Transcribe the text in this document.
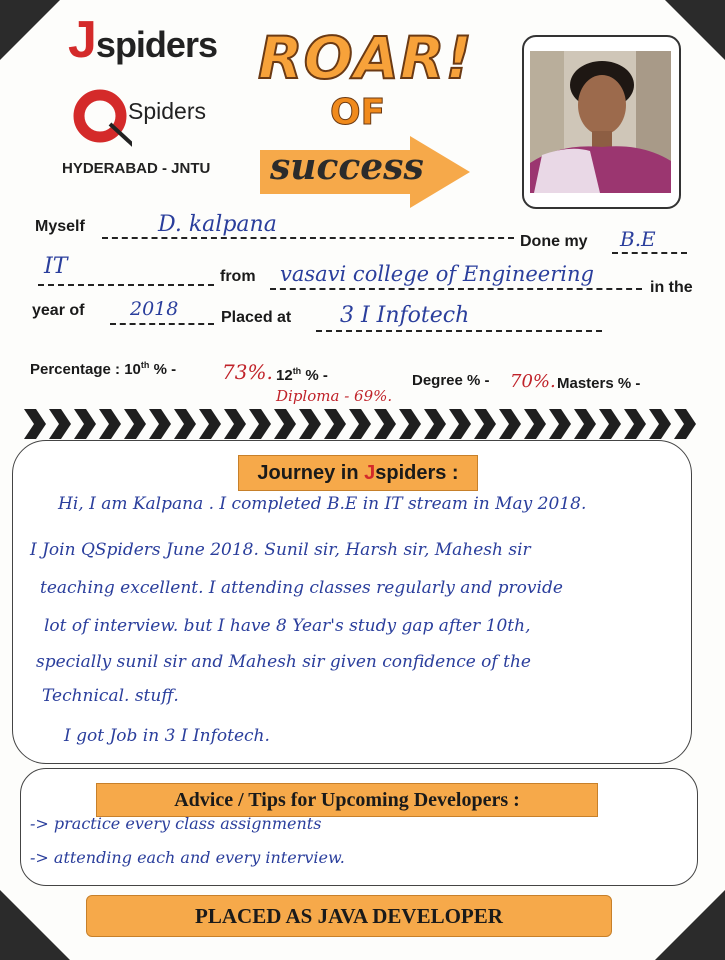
Jspiders
Spiders
HYDERABAD - JNTU
ROAR!
OF
success
Myself	D. kalpana
Done my B.E
IT	from vasavi college of Engineering
in the
year of 2018	Placed at 3 I Infotech
Percentage : 10th % - 73%. 12th % -
Diploma - 69%.
Degree % - 70%. Masters % -
Journey in Jspiders :
Hi, I am Kalpana . I completed B.E in IT stream in May 2018.
I Join QSpiders June 2018. Sunil sir, Harsh sir, Mahesh sir
teaching excellent. I attending classes regularly and provide
lot of interview. but I have 8 Year's study gap after 10th,
specially sunil sir and Mahesh sir given confidence of the
Technical. stuff.
I got Job in 3 I Infotech.
Advice / Tips for Upcoming Developers :
-> practice every class assignments
-> attending each and every interview.
PLACED AS JAVA DEVELOPER
